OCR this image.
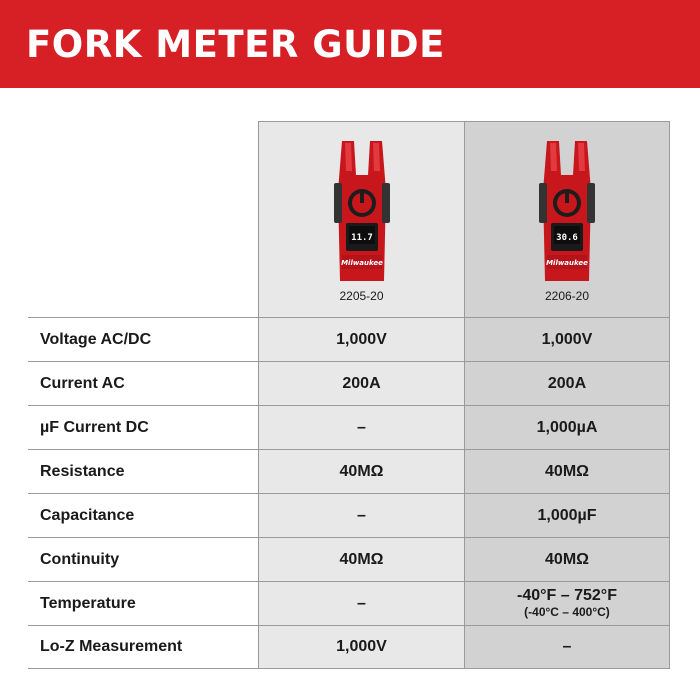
FORK METER GUIDE
11.7
Milwaukee
2205-20
30.6
Milwaukee
2206-20
Voltage AC/DC	1,000V	1,000V
Current AC	200A	200A
µF Current DC	–	1,000µA
Resistance	40MΩ	40MΩ
Capacitance	–	1,000µF
Continuity	40MΩ	40MΩ
Temperature	–	-40°F – 752°F
(-40°C – 400°C)
Lo-Z Measurement	1,000V	–
